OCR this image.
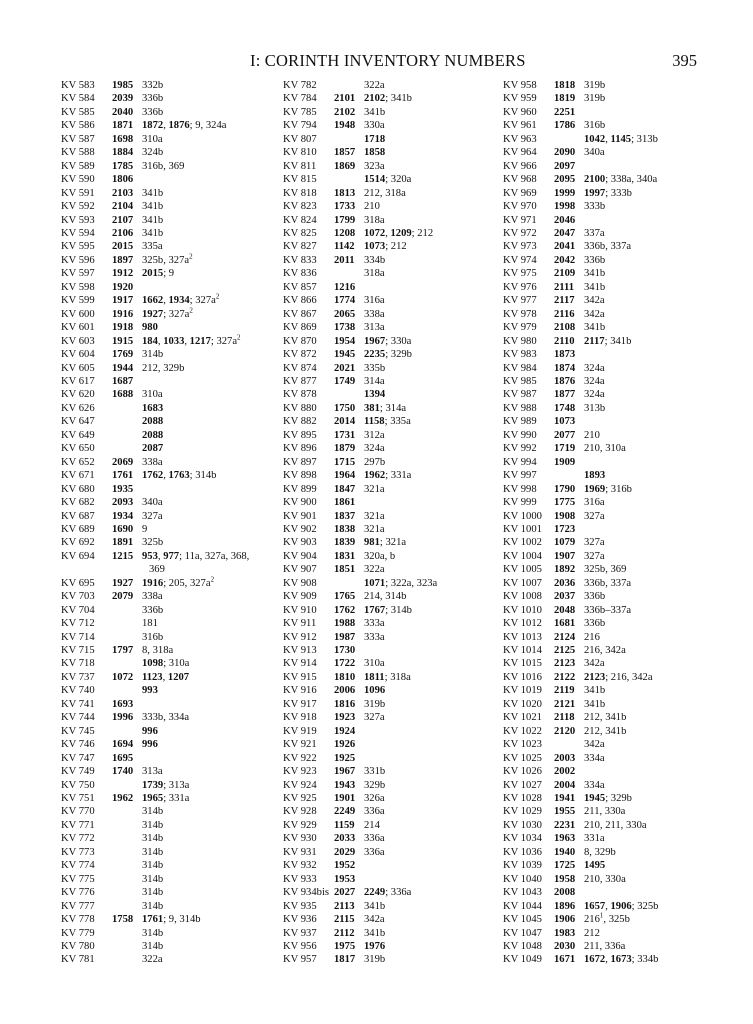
I: CORINTH INVENTORY NUMBERS	395
KV 583 1985 332b
KV 584 2039 336b
KV 585 2040 336b
KV 586 1871 1872, 1876; 9, 324a
KV 587 1698 310a
KV 588 1884 324b
KV 589 1785 316b, 369
KV 590 1806
KV 591 2103 341b
KV 592 2104 341b
KV 593 2107 341b
KV 594 2106 341b
KV 595 2015 335a
KV 596 1897 325b, $327a^2$
KV 597 1912 2015; 9
KV 598 1920
KV 599 1917 1662, 1934; $327a^2$
KV 600 1916 1927; $327a^2$
KV 601 1918 980
KV 603 1915 184, 1033, 1217; $327a^2$
KV 604 1769 314b
KV 605 1944 212, 329b
KV 617 1687
KV 620 1688 310a
KV 626	1683
KV 647	2088
KV 649	2088
KV 650	2087
KV 652 2069 338a
KV 671 1761 1762, 1763; 314b
KV 680 1935
KV 682 2093 340a
KV 687 1934 327a
KV 689 1690 9
KV 692 1891 325b
KV 694 1215 953, 977; 11a, 327a, 368,
369
KV 695 1927 1916; 205, $327a^2$
KV 703 2079 338a
KV 704	336b
KV 712	181
KV 714	316b
KV 715 1797 8, 318a
KV 718	1098; 310a
KV 737 1072 1123, 1207
KV 740	993
KV 741 1693
KV 744 1996 333b, 334a
KV 745	996
KV 746 1694 996
KV 747 1695
KV 749 1740 313a
KV 750	1739; 313a
KV 751 1962 1965; 331a
KV 770	314b
KV 771	314b
KV 772	314b
KV 773	314b
KV 774	314b
KV 775	314b
KV 776	314b
KV 777	314b
KV 778 1758 1761; 9, 314b
KV 779	314b
KV 780	314b
KV 781	322a
KV 782	322a
KV 784 2101 2102; 341b
KV 785 2102 341b
KV 794 1948 330a
KV 807	1718
KV 810 1857 1858
KV 811 1869 323a
KV 815	1514; 320a
KV 818 1813 212, 318a
KV 823 1733 210
KV 824 1799 318a
KV 825 1208 1072, 1209; 212
KV 827 1142 1073; 212
KV 833 2011 334b
KV 836	318a
KV 857 1216
KV 866 1774 316a
KV 867 2065 338a
KV 869 1738 313a
KV 870 1954 1967; 330a
KV 872 1945 2235; 329b
KV 874 2021 335b
KV 877 1749 314a
KV 878	1394
KV 880 1750 381; 314a
KV 882 2014 1158; 335a
KV 895 1731 312a
KV 896 1879 324a
KV 897 1715 297b
KV 898 1964 1962; 331a
KV 899 1847 321a
KV 900 1861
KV 901 1837 321a
KV 902 1838 321a
KV 903 1839 981; 321a
KV 904 1831 320a, b
KV 907 1851 322a
KV 908	1071; 322a, 323a
KV 909 1765 214, 314b
KV 910 1762 1767; 314b
KV 911 1988 333a
KV 912 1987 333a
KV 913 1730
KV 914 1722 310a
KV 915 1810 1811; 318a
KV 916 2006 1096
KV 917 1816 319b
KV 918 1923 327a
KV 919 1924
KV 921 1926
KV 922 1925
KV 923 1967 331b
KV 924 1943 329b
KV 925 1901 326a
KV 928 2249 336a
KV 929 1159 214
KV 930 2033 336a
KV 931 2029 336a
KV 932 1952
KV 933 1953
KV 934bis 2027 2249; 336a
KV 935 2113 341b
KV 936 2115 342a
KV 937 2112 341b
KV 956 1975 1976
KV 957 1817 319b
KV 958 1818 319b
KV 959 1819 319b
KV 960 2251
KV 961 1786 316b
KV 963	1042, 1145; 313b
KV 964 2090 340a
KV 966 2097
KV 968 2095 2100; 338a, 340a
KV 969 1999 1997; 333b
KV 970 1998 333b
KV 971 2046
KV 972 2047 337a
KV 973 2041 336b, 337a
KV 974 2042 336b
KV 975 2109 341b
KV 976 2111 341b
KV 977 2117 342a
KV 978 2116 342a
KV 979 2108 341b
KV 980 2110 2117; 341b
KV 983 1873
KV 984 1874 324a
KV 985 1876 324a
KV 987 1877 324a
KV 988 1748 313b
KV 989 1073
KV 990 2077 210
KV 992 1719 210, 310a
KV 994 1909
KV 997	1893
KV 998 1790 1969; 316b
KV 999 1775 316a
KV 1000 1908 327a
KV 1001 1723
KV 1002 1079 327a
KV 1004 1907 327a
KV 1005 1892 325b, 369
KV 1007 2036 336b, 337a
KV 1008 2037 336b
KV 1010 2048 336b–337a
KV 1012 1681 336b
KV 1013 2124 216
KV 1014 2125 216, 342a
KV 1015 2123 342a
KV 1016 2122 2123; 216, 342a
KV 1019 2119 341b
KV 1020 2121 341b
KV 1021 2118 212, 341b
KV 1022 2120 212, 341b
KV 1023	342a
KV 1025 2003 334a
KV 1026 2002
KV 1027 2004 334a
KV 1028 1941 1945; 329b
KV 1029 1955 211, 330a
KV 1030 2231 210, 211, 330a
KV 1034 1963 331a
KV 1036 1940 8, 329b
KV 1039 1725 1495
KV 1040 1958 210, 330a
KV 1043 2008
KV 1044 1896 1657, 1906; 325b
KV 1045 1906 $216^1$, 325b
KV 1047 1983 212
KV 1048 2030 211, 336a
KV 1049 1671 1672, 1673; 334b
